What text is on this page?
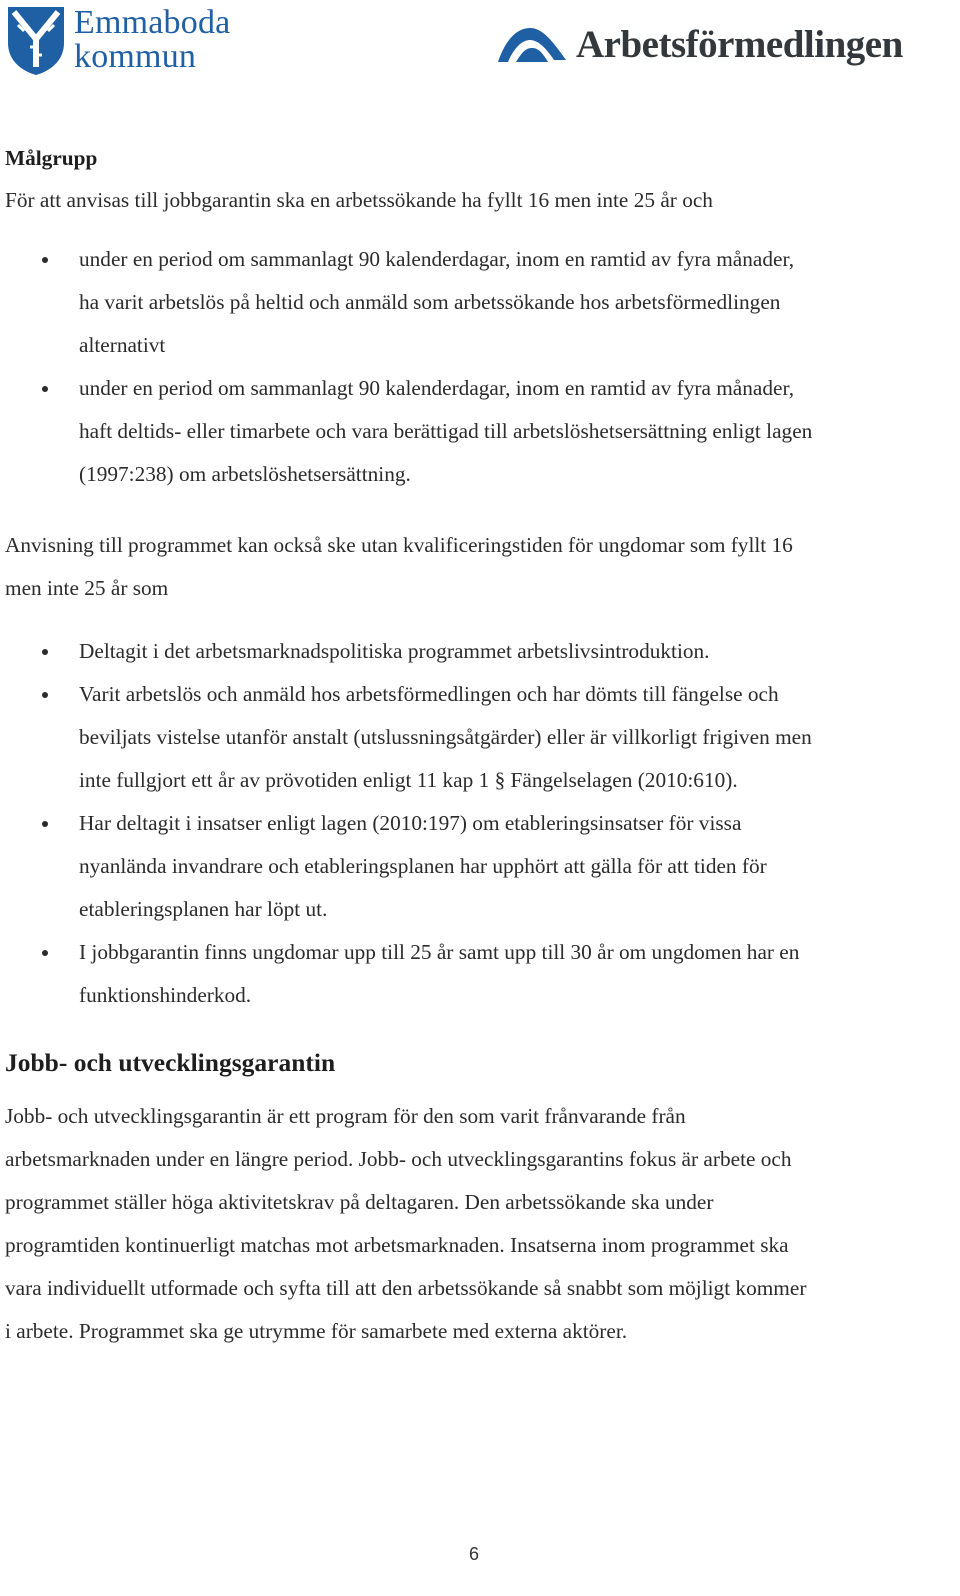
Emmaboda
kommun	Arbetsförmedlingen
Målgrupp

För att anvisas till jobbgarantin ska en arbetssökande ha fyllt 16 men inte 25 år och

under en period om sammanlagt 90 kalenderdagar, inom en ramtid av fyra månader,
ha varit arbetslös på heltid och anmäld som arbetssökande hos arbetsförmedlingen
alternativt
under en period om sammanlagt 90 kalenderdagar, inom en ramtid av fyra månader,
haft deltids- eller timarbete och vara berättigad till arbetslöshetsersättning enligt lagen
(1997:238) om arbetslöshetsersättning.
Anvisning till programmet kan också ske utan kvalificeringstiden för ungdomar som fyllt 16
men inte 25 år som
Deltagit i det arbetsmarknadspolitiska programmet arbetslivsintroduktion.
Varit arbetslös och anmäld hos arbetsförmedlingen och har dömts till fängelse och
beviljats vistelse utanför anstalt (utslussningsåtgärder) eller är villkorligt frigiven men
inte fullgjort ett år av prövotiden enligt 11 kap 1 § Fängelselagen (2010:610).
Har deltagit i insatser enligt lagen (2010:197) om etableringsinsatser för vissa
nyanlända invandrare och etableringsplanen har upphört att gälla för att tiden för
etableringsplanen har löpt ut.
I jobbgarantin finns ungdomar upp till 25 år samt upp till 30 år om ungdomen har en
funktionshinderkod.
Jobb- och utvecklingsgarantin
Jobb- och utvecklingsgarantin är ett program för den som varit frånvarande från
arbetsmarknaden under en längre period. Jobb- och utvecklingsgarantins fokus är arbete och
programmet ställer höga aktivitetskrav på deltagaren. Den arbetssökande ska under
programtiden kontinuerligt matchas mot arbetsmarknaden. Insatserna inom programmet ska
vara individuellt utformade och syfta till att den arbetssökande så snabbt som möjligt kommer
i arbete. Programmet ska ge utrymme för samarbete med externa aktörer.
6
